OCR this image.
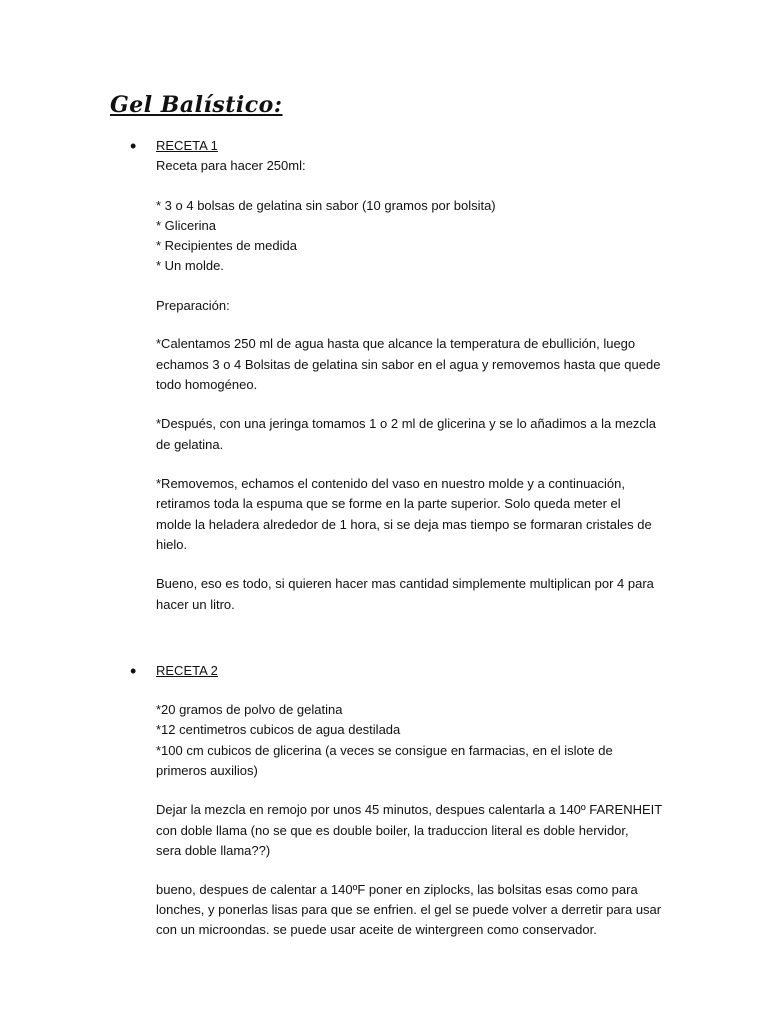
Gel Balístico:
• RECETA 1
Receta para hacer 250ml:
* 3 o 4 bolsas de gelatina sin sabor (10 gramos por bolsita)
* Glicerina
* Recipientes de medida
* Un molde.
Preparación:
*Calentamos 250 ml de agua hasta que alcance la temperatura de ebullición, luego
echamos 3 o 4 Bolsitas de gelatina sin sabor en el agua y removemos hasta que quede
todo homogéneo.
*Después, con una jeringa tomamos 1 o 2 ml de glicerina y se lo añadimos a la mezcla
de gelatina.
*Removemos, echamos el contenido del vaso en nuestro molde y a continuación,
retiramos toda la espuma que se forme en la parte superior. Solo queda meter el
molde la heladera alrededor de 1 hora, si se deja mas tiempo se formaran cristales de
hielo.
Bueno, eso es todo, si quieren hacer mas cantidad simplemente multiplican por 4 para
hacer un litro.
• RECETA 2
*20 gramos de polvo de gelatina
*12 centimetros cubicos de agua destilada
*100 cm cubicos de glicerina (a veces se consigue en farmacias, en el islote de
primeros auxilios)
Dejar la mezcla en remojo por unos 45 minutos, despues calentarla a 140º FARENHEIT
con doble llama (no se que es double boiler, la traduccion literal es doble hervidor,
sera doble llama??)
bueno, despues de calentar a 140ºF poner en ziplocks, las bolsitas esas como para
lonches, y ponerlas lisas para que se enfrien. el gel se puede volver a derretir para usar
con un microondas. se puede usar aceite de wintergreen como conservador.
